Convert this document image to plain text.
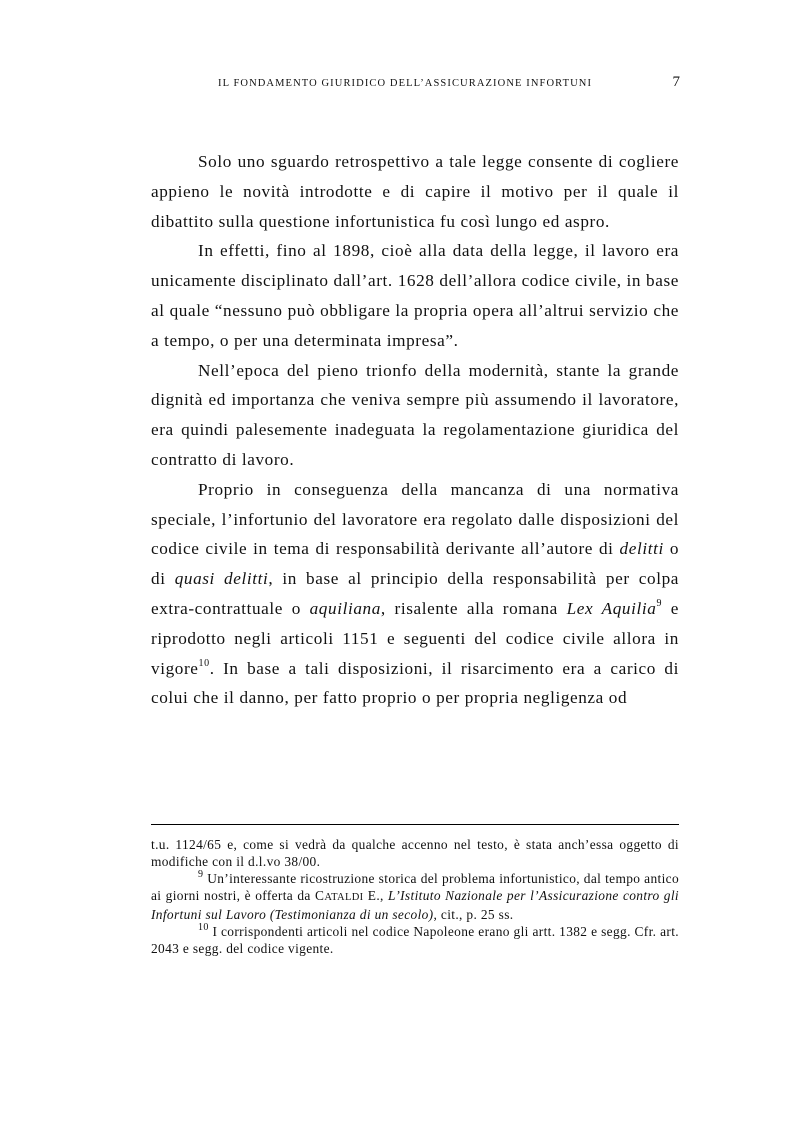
IL FONDAMENTO GIURIDICO DELL’ASSICURAZIONE INFORTUNI	7

Solo uno sguardo retrospettivo a tale legge consente di cogliere appieno le novità introdotte e di capire il motivo per il quale il dibattito sulla questione infortunistica fu così lungo ed aspro.

In effetti, fino al 1898, cioè alla data della legge, il lavoro era unicamente disciplinato dall’art. 1628 dell’allora codice civile, in base al quale “nessuno può obbligare la propria opera all’altrui servizio che a tempo, o per una determinata impresa”.

Nell’epoca del pieno trionfo della modernità, stante la grande dignità ed importanza che veniva sempre più assumendo il lavoratore, era quindi palesemente inadeguata la regolamentazione giuridica del contratto di lavoro.

Proprio in conseguenza della mancanza di una normativa speciale, l’infortunio del lavoratore era regolato dalle disposizioni del codice civile in tema di responsabilità derivante all’autore di delitti o di quasi delitti, in base al principio della responsabilità per colpa extra-contrattuale o aquiliana, risalente alla romana Lex Aquilia$^9$ e riprodotto negli articoli 1151 e seguenti del codice civile allora in vigore$^{10}$. In base a tali disposizioni, il risarcimento era a carico di colui che il danno, per fatto proprio o per propria negligenza od

t.u. 1124/65 e, come si vedrà da qualche accenno nel testo, è stata anch’essa oggetto di modifiche con il d.l.vo 38/00.

$^9$ Un’interessante ricostruzione storica del problema infortunistico, dal tempo antico ai giorni nostri, è offerta da CATALDI E., L’Istituto Nazionale per l’Assicurazione contro gli Infortuni sul Lavoro (Testimonianza di un secolo), cit., p. 25 ss.

$^{10}$ I corrispondenti articoli nel codice Napoleone erano gli artt. 1382 e segg. Cfr. art. 2043 e segg. del codice vigente.
